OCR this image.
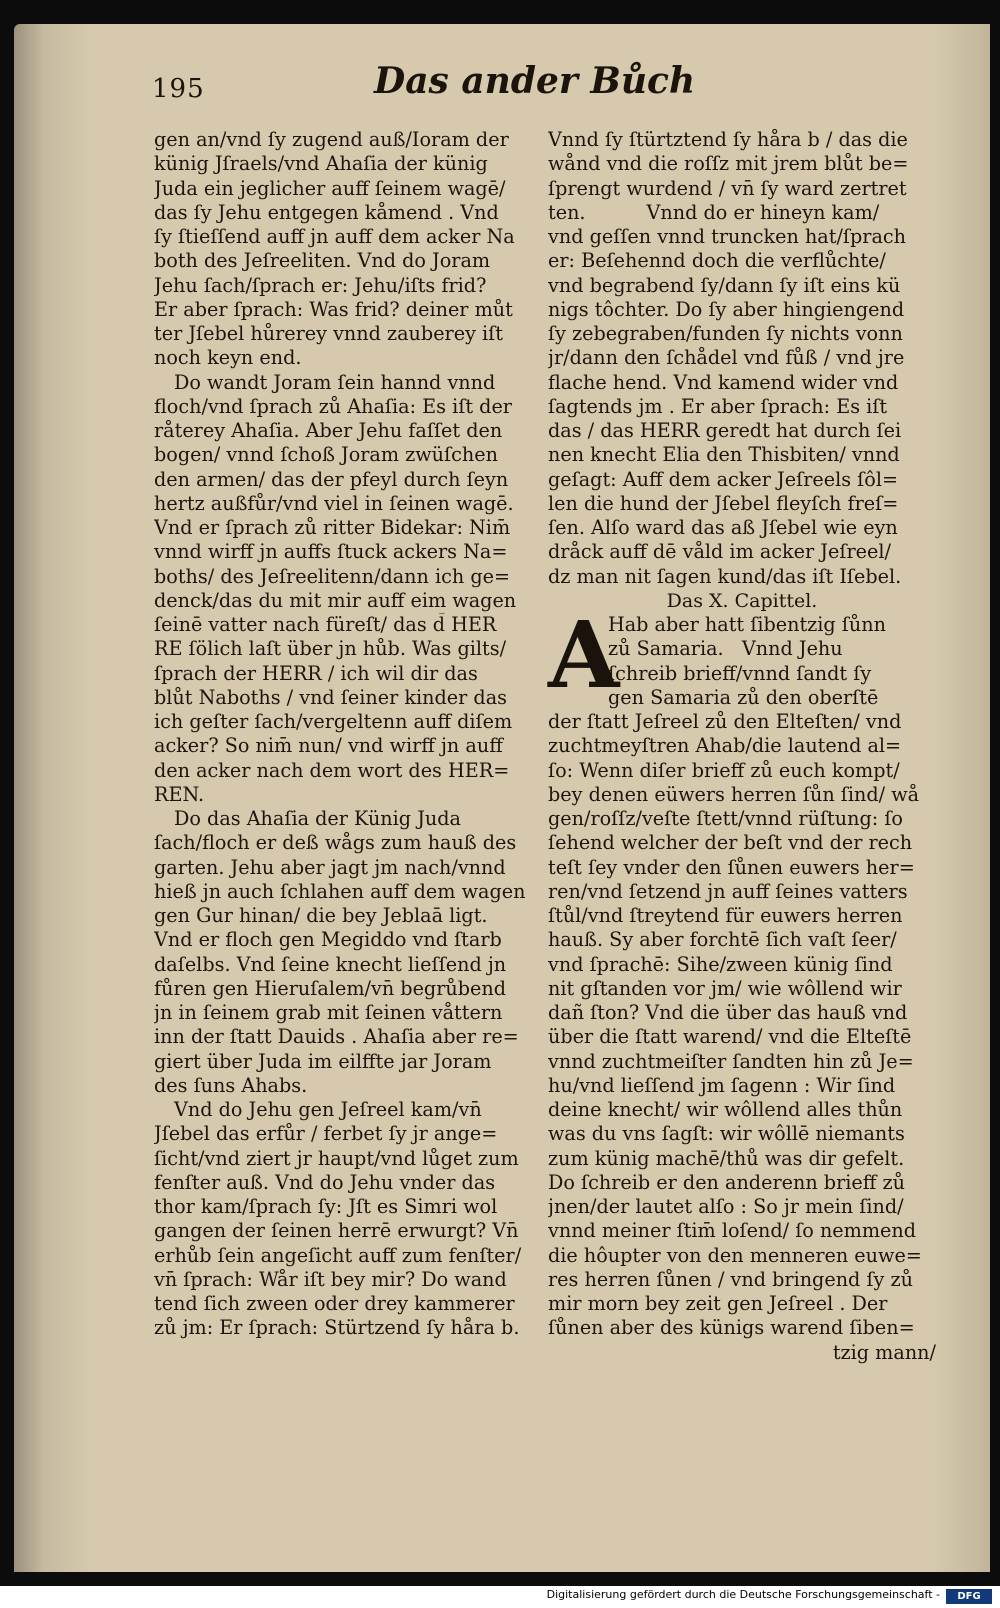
195	Das ander Bůch
gen an/vnd ſy zugend auß/Ioram der
künig Jſraels/vnd Ahaſia der künig
Juda ein jeglicher auff ſeinem wagē/
das ſy Jehu entgegen kåmend . Vnd
ſy ſtieſſend auff jn auff dem acker Na
both des Jeſreeliten. Vnd do Joram
Jehu ſach/ſprach er: Jehu/iſts frid?
Er aber ſprach: Was frid? deiner můt
ter Jſebel hůrerey vnnd zauberey iſt
noch keyn end.
Do wandt Joram ſein hannd vnnd
floch/vnd ſprach zů Ahaſia: Es iſt der
råterey Ahaſia. Aber Jehu faſſet den
bogen/ vnnd ſchoß Joram zwüſchen
den armen/ das der pfeyl durch ſeyn
hertz außfůr/vnd viel in ſeinen wagē.
Vnd er ſprach zů ritter Bidekar: Nim̄
vnnd wirff jn auffs ſtuck ackers Na=
boths/ des Jeſreelitenn/dann ich ge=
denck/das du mit mir auff eim wagen
ſeinē vatter nach füreſt/ das d̄ HER
RE ſölich laſt über jn hůb. Was gilts/
ſprach der HERR / ich wil dir das
blůt Naboths / vnd ſeiner kinder das
ich geſter ſach/vergeltenn auff diſem
acker? So nim̄ nun/ vnd wirff jn auff
den acker nach dem wort des HER=
REN.
Do das Ahaſia der Künig Juda
ſach/floch er deß wågs zum hauß des
garten. Jehu aber jagt jm nach/vnnd
hieß jn auch ſchlahen auff dem wagen
gen Gur hinan/ die bey Jeblaā ligt.
Vnd er floch gen Megiddo vnd ſtarb
daſelbs. Vnd ſeine knecht lieſſend jn
fůren gen Hieruſalem/vn̄ begrůbend
jn in ſeinem grab mit ſeinen våttern
inn der ſtatt Dauids . Ahaſia aber re=
giert über Juda im eilffte jar Joram
des ſuns Ahabs.
Vnd do Jehu gen Jeſreel kam/vn̄
Jſebel das erfůr / ferbet ſy jr ange=
ſicht/vnd ziert jr haupt/vnd lůget zum
fenſter auß. Vnd do Jehu vnder das
thor kam/ſprach ſy: Jſt es Simri wol
gangen der ſeinen herrē erwurgt? Vn̄
erhůb ſein angeſicht auff zum fenſter/
vn̄ ſprach: Wår iſt bey mir? Do wand
tend ſich zween oder drey kammerer
zů jm: Er ſprach: Stürtzend ſy håra b.
Vnnd ſy ſtürtztend ſy håra b / das die
wånd vnd die roſſz mit jrem blůt be=
ſprengt wurdend / vn̄ ſy ward zertret
ten.          Vnnd do er hineyn kam/
vnd geſſen vnnd truncken hat/ſprach
er: Beſehennd doch die verflůchte/
vnd begrabend ſy/dann ſy iſt eins kü
nigs tôchter. Do ſy aber hingiengend
ſy zebegraben/funden ſy nichts vonn
jr/dann den ſchådel vnd fůß / vnd jre
flache hend. Vnd kamend wider vnd
ſagtends jm . Er aber ſprach: Es iſt
das / das HERR geredt hat durch ſei
nen knecht Elia den Thisbiten/ vnnd
geſagt: Auff dem acker Jeſreels ſôl=
len die hund der Jſebel fleyſch freſ=
ſen. Alſo ward das aß Jſebel wie eyn
dråck auff dē våld im acker Jeſreel/
dz man nit ſagen kund/das iſt Iſebel.
Das X. Capittel.
A
Hab aber hatt ſibentzig ſůnn
zů Samaria.   Vnnd Jehu
ſchreib brieff/vnnd ſandt ſy
gen Samaria zů den oberſtē
der ſtatt Jeſreel zů den Elteſten/ vnd
zuchtmeyſtren Ahab/die lautend al=
ſo: Wenn diſer brieff zů euch kompt/
bey denen eüwers herren ſůn ſind/ wå
gen/roſſz/veſte ſtett/vnnd rüſtung: ſo
ſehend welcher der beſt vnd der rech
teſt ſey vnder den ſůnen euwers her=
ren/vnd ſetzend jn auff ſeines vatters
ſtůl/vnd ſtreytend für euwers herren
hauß. Sy aber forchtē ſich vaſt ſeer/
vnd ſprachē: Sihe/zween künig ſind
nit gſtanden vor jm/ wie wôllend wir
dañ ſton? Vnd die über das hauß vnd
über die ſtatt warend/ vnd die Elteſtē
vnnd zuchtmeiſter ſandten hin zů Je=
hu/vnd lieſſend jm ſagenn : Wir ſind
deine knecht/ wir wôllend alles thůn
was du vns ſagſt: wir wôllē niemants
zum künig machē/thů was dir gefelt.
Do ſchreib er den anderenn brieff zů
jnen/der lautet alſo : So jr mein ſind/
vnnd meiner ſtim̄ loſend/ ſo nemmend
die hôupter von den menneren euwe=
res herren ſůnen / vnd bringend ſy zů
mir morn bey zeit gen Jeſreel . Der
ſůnen aber des künigs warend ſiben=
tzig mann/
Digitalisierung gefördert durch die Deutsche Forschungsgemeinschaft -	DFG
